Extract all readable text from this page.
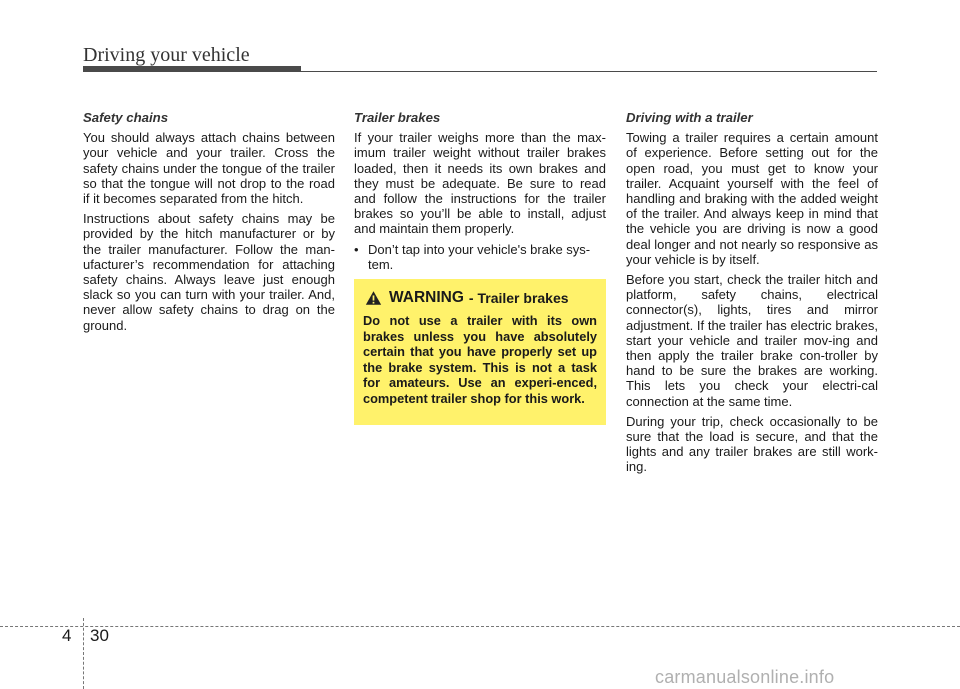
Driving your vehicle
Safety chains

You should always attach chains between your vehicle and your trailer. Cross the safety chains under the tongue of the trailer so that the tongue will not drop to the road if it becomes separated from the hitch.

Instructions about safety chains may be provided by the hitch manufacturer or by the trailer manufacturer. Follow the man-ufacturer’s recommendation for attaching safety chains. Always leave just enough slack so you can turn with your trailer. And, never allow safety chains to drag on the ground.

Trailer brakes

If your trailer weighs more than the max-imum trailer weight without trailer brakes loaded, then it needs its own brakes and they must be adequate. Be sure to read and follow the instructions for the trailer brakes so you’ll be able to install, adjust and maintain them properly.

• Don’t tap into your vehicle's brake sys-tem.
WARNING - Trailer brakes
Do not use a trailer with its own brakes unless you have absolutely certain that you have properly set up the brake system. This is not a task for amateurs. Use an experi-enced, competent trailer shop for this work.
Driving with a trailer

Towing a trailer requires a certain amount of experience. Before setting out for the open road, you must get to know your trailer. Acquaint yourself with the feel of handling and braking with the added weight of the trailer. And always keep in mind that the vehicle you are driving is now a good deal longer and not nearly so responsive as your vehicle is by itself.

Before you start, check the trailer hitch and platform, safety chains, electrical connector(s), lights, tires and mirror adjustment. If the trailer has electric brakes, start your vehicle and trailer mov-ing and then apply the trailer brake con-troller by hand to be sure the brakes are working. This lets you check your electri-cal connection at the same time.

During your trip, check occasionally to be sure that the load is secure, and that the lights and any trailer brakes are still work-ing.

4 30
carmanualsonline.info
